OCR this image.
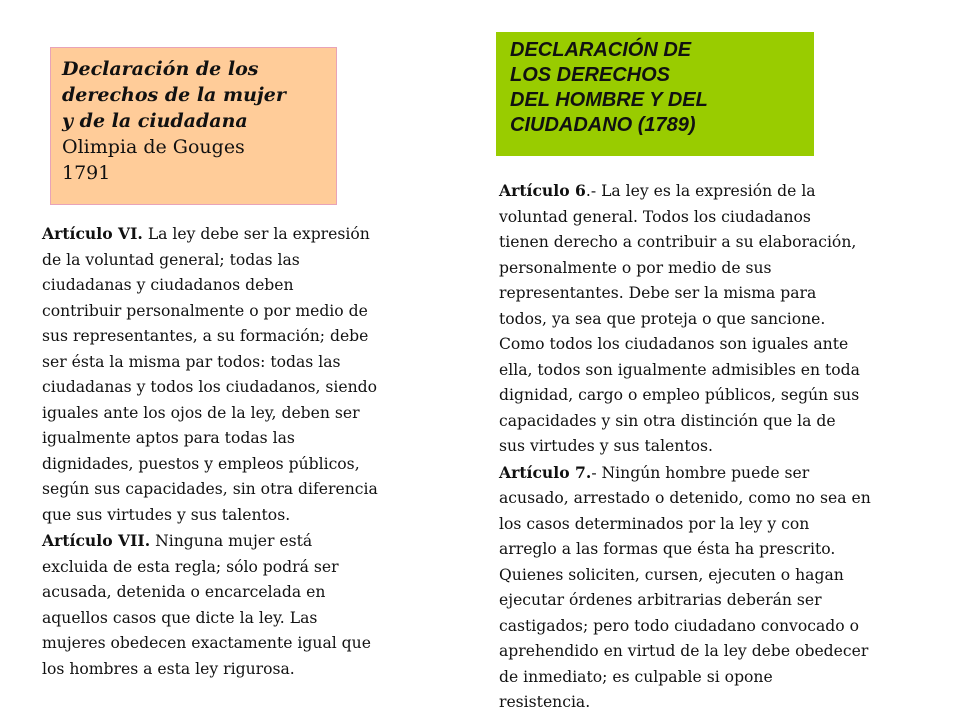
Declaración de los
derechos de la mujer
y de la ciudadana
Olimpia de Gouges
1791
DECLARACIÓN DE
LOS DERECHOS
DEL HOMBRE Y DEL
CIUDADANO (1789)
Artículo VI. La ley debe ser la expresión
de la voluntad general; todas las
ciudadanas y ciudadanos deben
contribuir personalmente o por medio de
sus representantes, a su formación; debe
ser ésta la misma par todos: todas las
ciudadanas y todos los ciudadanos, siendo
iguales ante los ojos de la ley, deben ser
igualmente aptos para todas las
dignidades, puestos y empleos públicos,
según sus capacidades, sin otra diferencia
que sus virtudes y sus talentos.
Artículo VII. Ninguna mujer está
excluida de esta regla; sólo podrá ser
acusada, detenida o encarcelada en
aquellos casos que dicte la ley. Las
mujeres obedecen exactamente igual que
los hombres a esta ley rigurosa.
Artículo 6.- La ley es la expresión de la
voluntad general. Todos los ciudadanos
tienen derecho a contribuir a su elaboración,
personalmente o por medio de sus
representantes. Debe ser la misma para
todos, ya sea que proteja o que sancione.
Como todos los ciudadanos son iguales ante
ella, todos son igualmente admisibles en toda
dignidad, cargo o empleo públicos, según sus
capacidades y sin otra distinción que la de
sus virtudes y sus talentos.
Artículo 7.- Ningún hombre puede ser
acusado, arrestado o detenido, como no sea en
los casos determinados por la ley y con
arreglo a las formas que ésta ha prescrito.
Quienes soliciten, cursen, ejecuten o hagan
ejecutar órdenes arbitrarias deberán ser
castigados; pero todo ciudadano convocado o
aprehendido en virtud de la ley debe obedecer
de inmediato; es culpable si opone
resistencia.
